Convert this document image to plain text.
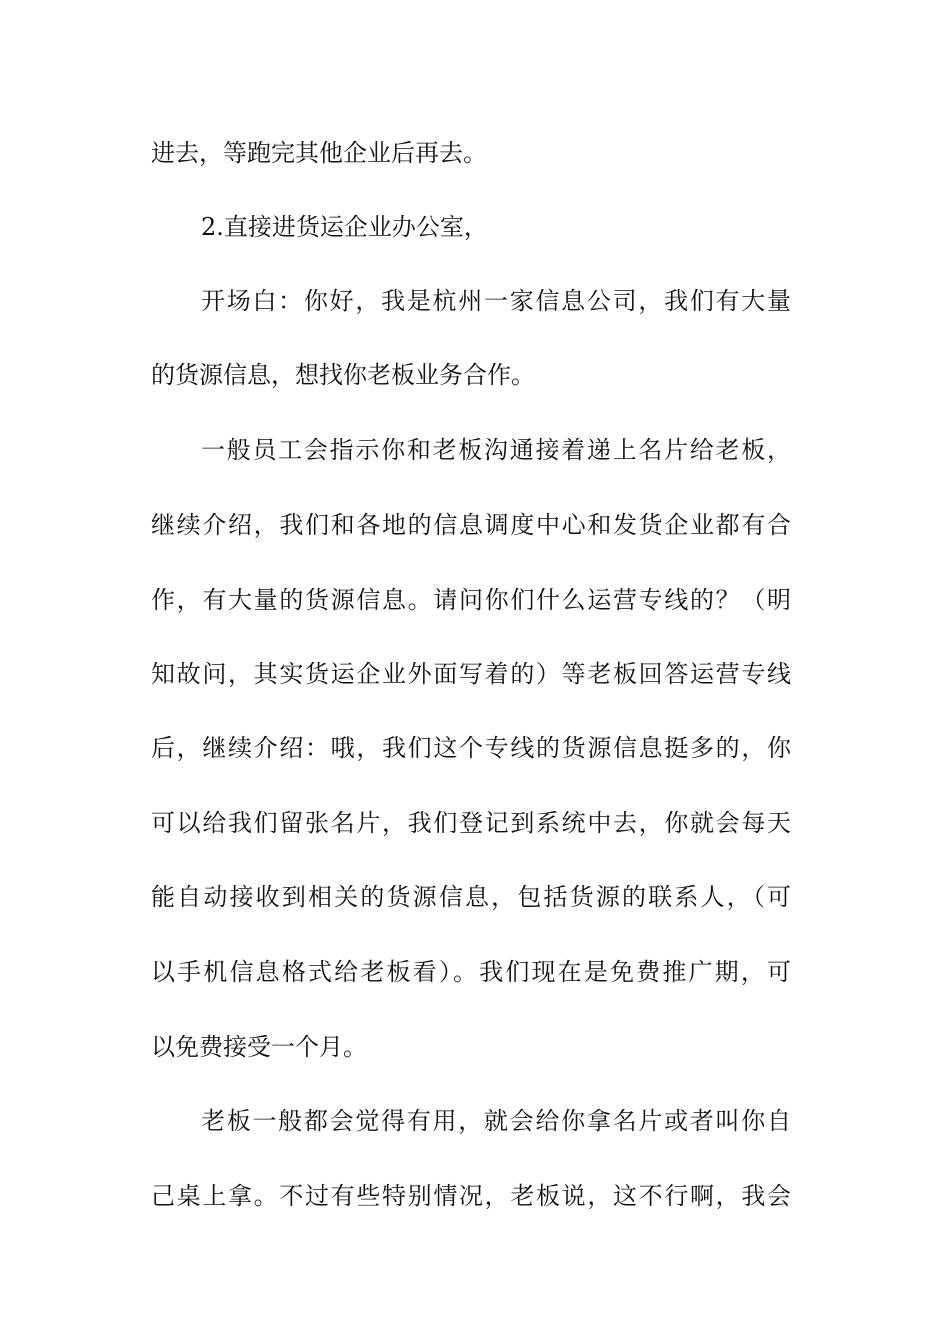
进去，等跑完其他企业后再去。
2.直接进货运企业办公室，
开场白：你好，我是杭州一家信息公司，我们有大量
的货源信息，想找你老板业务合作。
一般员工会指示你和老板沟通接着递上名片给老板，
继续介绍，我们和各地的信息调度中心和发货企业都有合
作，有大量的货源信息。请问你们什么运营专线的？（明
知故问，其实货运企业外面写着的）等老板回答运营专线
后，继续介绍：哦，我们这个专线的货源信息挺多的，你
可以给我们留张名片，我们登记到系统中去，你就会每天
能自动接收到相关的货源信息，包括货源的联系人，（可
以手机信息格式给老板看）。我们现在是免费推广期，可
以免费接受一个月。
老板一般都会觉得有用，就会给你拿名片或者叫你自
己桌上拿。不过有些特别情况，老板说，这不行啊，我会
